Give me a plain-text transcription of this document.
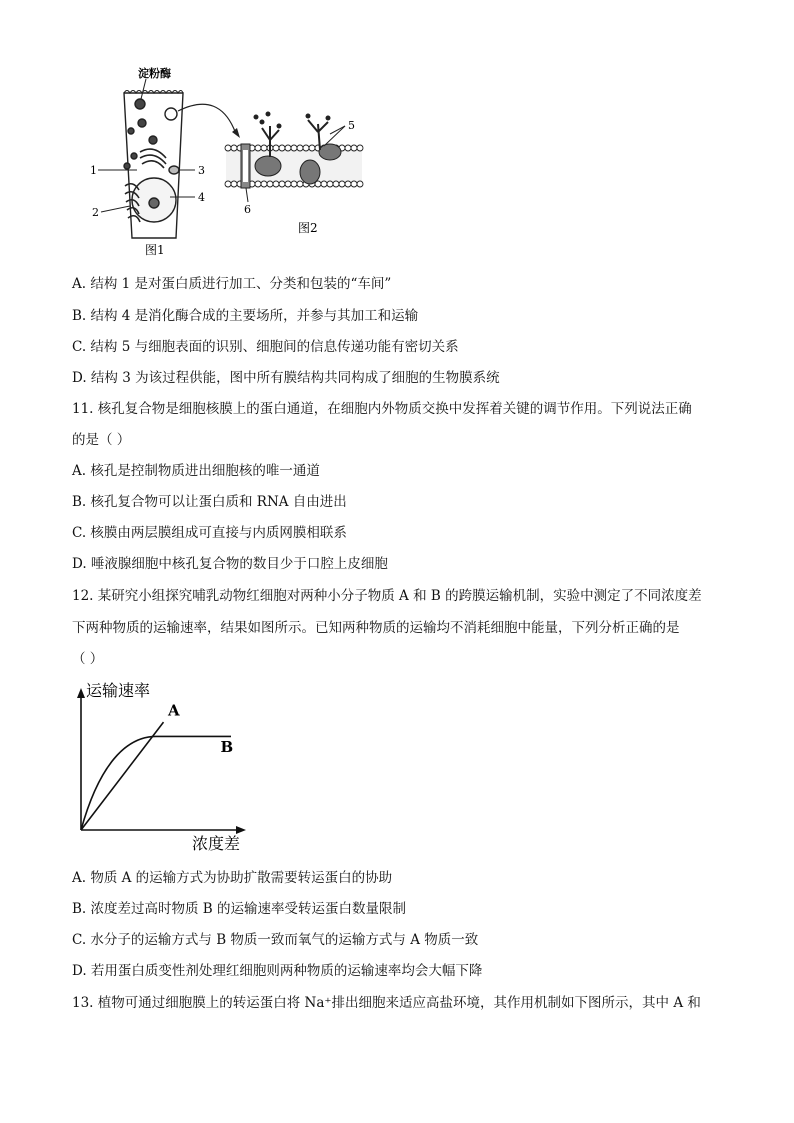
淀粉酶
1
2
3
4
5
6
图1
图2
A. 结构 1 是对蛋白质进行加工、分类和包装的“车间”
B. 结构 4 是消化酶合成的主要场所，并参与其加工和运输
C. 结构 5 与细胞表面的识别、细胞间的信息传递功能有密切关系
D. 结构 3 为该过程供能，图中所有膜结构共同构成了细胞的生物膜系统
11. 核孔复合物是细胞核膜上的蛋白通道，在细胞内外物质交换中发挥着关键的调节作用。下列说法正确
的是（ ）
A. 核孔是控制物质进出细胞核的唯一通道
B. 核孔复合物可以让蛋白质和 RNA 自由进出
C. 核膜由两层膜组成可直接与内质网膜相联系
D. 唾液腺细胞中核孔复合物的数目少于口腔上皮细胞
12. 某研究小组探究哺乳动物红细胞对两种小分子物质 A 和 B 的跨膜运输机制，实验中测定了不同浓度差
下两种物质的运输速率，结果如图所示。已知两种物质的运输均不消耗细胞中能量，下列分析正确的是
（ ）
运输速率
浓度差
A
B
A. 物质 A 的运输方式为协助扩散需要转运蛋白的协助
B. 浓度差过高时物质 B 的运输速率受转运蛋白数量限制
C. 水分子的运输方式与 B 物质一致而氧气的运输方式与 A 物质一致
D. 若用蛋白质变性剂处理红细胞则两种物质的运输速率均会大幅下降
13. 植物可通过细胞膜上的转运蛋白将 Na⁺排出细胞来适应高盐环境，其作用机制如下图所示，其中 A 和
